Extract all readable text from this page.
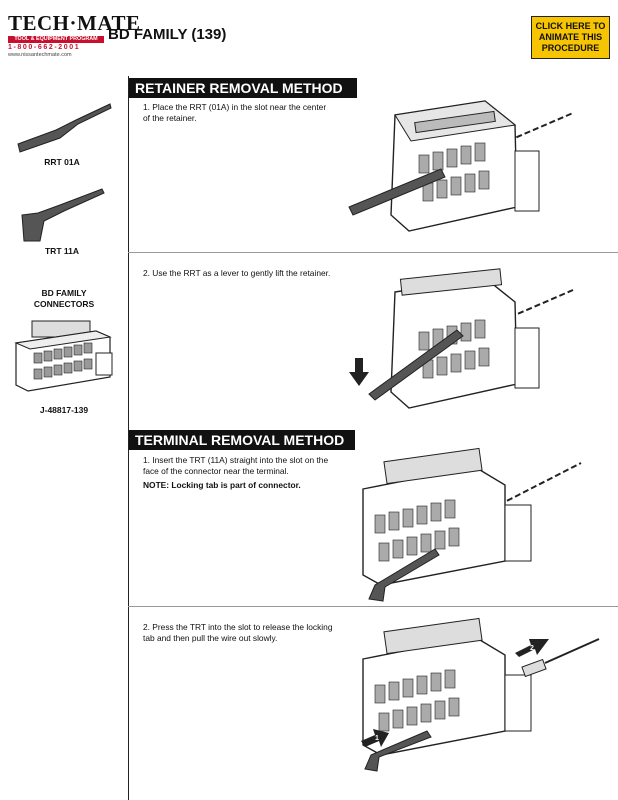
TECH·MATE
TOOL & EQUIPMENT PROGRAM
1-800-662-2001
www.nissantechmate.com
BD FAMILY (139)	CLICK HERE TO
ANIMATE THIS
PROCEDURE
RRT 01A
TRT 11A
BD FAMILY
CONNECTORS
J-48817-139
RETAINER REMOVAL METHOD
1. Place the RRT (01A) in the slot near the center of the retainer.
2. Use the RRT as a lever to gently lift the retainer.
TERMINAL REMOVAL METHOD
1. Insert the TRT (11A) straight into the slot on the face of the connector near the terminal.
NOTE: Locking tab is part of connector.
2. Press the TRT into the slot to release the locking tab and then pull the wire out slowly.
1
2
